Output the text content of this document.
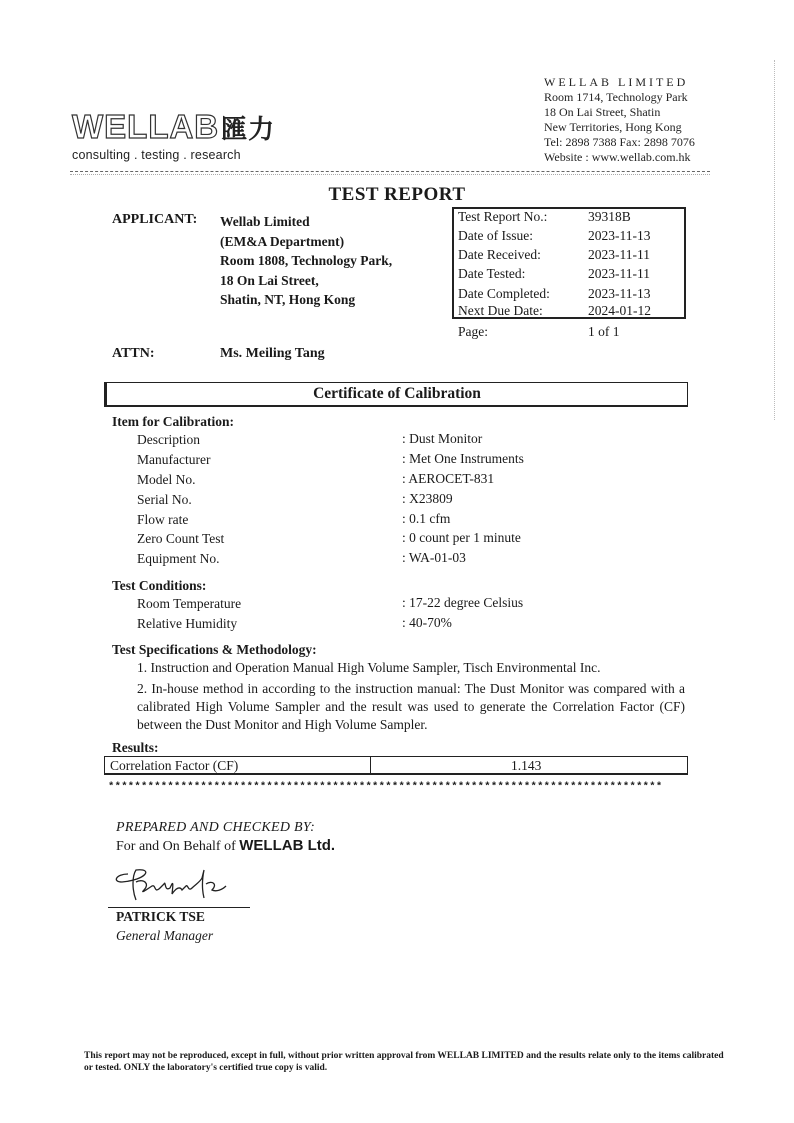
WELLAB匯力
consulting . testing . research
WELLAB LIMITED
Room 1714, Technology Park
18 On Lai Street, Shatin
New Territories, Hong Kong
Tel: 2898 7388 Fax: 2898 7076
Website : www.wellab.com.hk
TEST REPORT
APPLICANT: Wellab Limited
(EM&A Department)
Room 1808, Technology Park,
18 On Lai Street,
Shatin, NT, Hong Kong
Test Report No.:	39318B
Date of Issue:	2023-11-13
Date Received:	2023-11-11
Date Tested:	2023-11-11
Date Completed:	2023-11-13
Next Due Date:	2024-01-12
Page:	1 of 1
ATTN:	Ms. Meiling Tang
Certificate of Calibration
Item for Calibration:
Description	: Dust Monitor
Manufacturer	: Met One Instruments
Model No.	: AEROCET-831
Serial No.	: X23809
Flow rate	: 0.1 cfm
Zero Count Test	: 0 count per 1 minute
Equipment No.	: WA-01-03
Test Conditions:
Room Temperature	: 17-22 degree Celsius
Relative Humidity	: 40-70%
Test Specifications & Methodology:
1. Instruction and Operation Manual High Volume Sampler, Tisch Environmental Inc.
2. In-house method in according to the instruction manual: The Dust Monitor was compared with a calibrated High Volume Sampler and the result was used to generate the Correlation Factor (CF) between the Dust Monitor and High Volume Sampler.
Results:
Correlation Factor (CF)	1.143
************************************************************************************
PREPARED AND CHECKED BY:
For and On Behalf of WELLAB Ltd.
PATRICK TSE
General Manager
This report may not be reproduced, except in full, without prior written approval from WELLAB LIMITED and the results relate only to the items calibrated or tested. ONLY the laboratory's certified true copy is valid.
